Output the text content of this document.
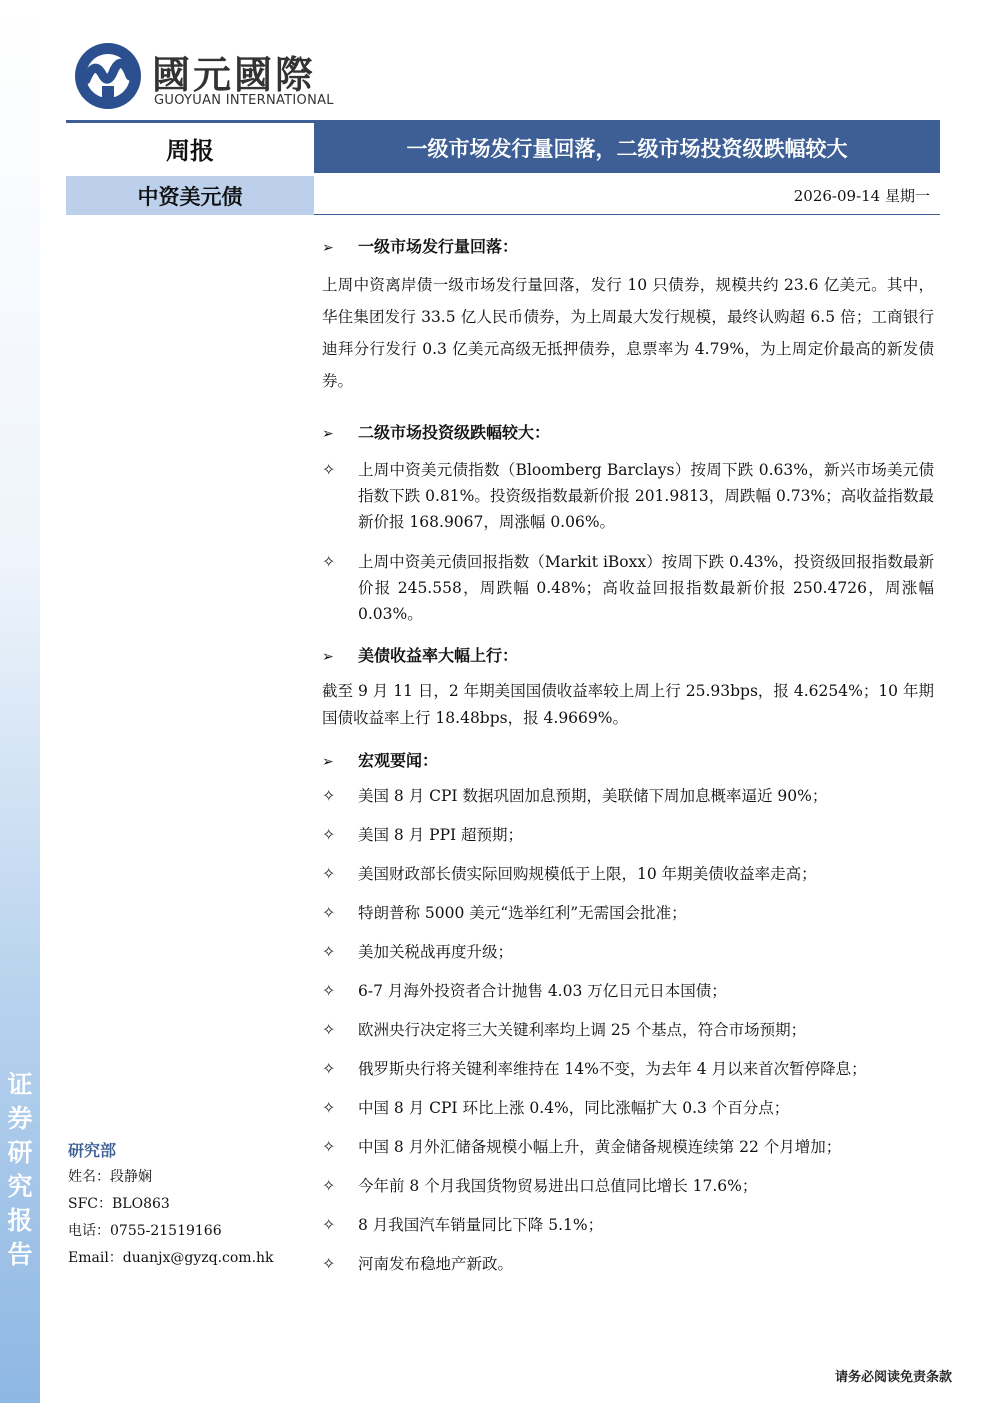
证券研究报告
國元國際
GUOYUAN INTERNATIONAL
周报	一级市场发行量回落，二级市场投资级跌幅较大
中资美元债	2026-09-14 星期一
➢ 一级市场发行量回落：
上周中资离岸债一级市场发行量回落，发行 10 只债券，规模共约 23.6 亿美元。其中，华住集团发行 33.5 亿人民币债券，为上周最大发行规模，最终认购超 6.5 倍；工商银行迪拜分行发行 0.3 亿美元高级无抵押债券，息票率为 4.79%，为上周定价最高的新发债券。
➢ 二级市场投资级跌幅较大：
✧	上周中资美元债指数（Bloomberg Barclays）按周下跌 0.63%，新兴市场美元债指数下跌 0.81%。投资级指数最新价报 201.9813，周跌幅 0.73%；高收益指数最新价报 168.9067，周涨幅 0.06%。
✧	上周中资美元债回报指数（Markit iBoxx）按周下跌 0.43%，投资级回报指数最新价报 245.558，周跌幅 0.48%；高收益回报指数最新价报 250.4726，周涨幅 0.03%。
➢ 美债收益率大幅上行：
截至 9 月 11 日，2 年期美国国债收益率较上周上行 25.93bps，报 4.6254%；10 年期国债收益率上行 18.48bps，报 4.9669%。
➢ 宏观要闻：
✧	美国 8 月 CPI 数据巩固加息预期，美联储下周加息概率逼近 90%；
✧	美国 8 月 PPI 超预期；
✧	美国财政部长债实际回购规模低于上限，10 年期美债收益率走高；
✧	特朗普称 5000 美元“选举红利”无需国会批准；
✧	美加关税战再度升级；
✧	6-7 月海外投资者合计抛售 4.03 万亿日元日本国债；
✧	欧洲央行决定将三大关键利率均上调 25 个基点，符合市场预期；
✧	俄罗斯央行将关键利率维持在 14%不变，为去年 4 月以来首次暂停降息；
✧	中国 8 月 CPI 环比上涨 0.4%，同比涨幅扩大 0.3 个百分点；
✧	中国 8 月外汇储备规模小幅上升，黄金储备规模连续第 22 个月增加；
✧	今年前 8 个月我国货物贸易进出口总值同比增长 17.6%；
✧	8 月我国汽车销量同比下降 5.1%；
✧	河南发布稳地产新政。
研究部
姓名：段静娴
SFC：BLO863
电话：0755-21519166
Email：duanjx@gyzq.com.hk
请务必阅读免责条款
